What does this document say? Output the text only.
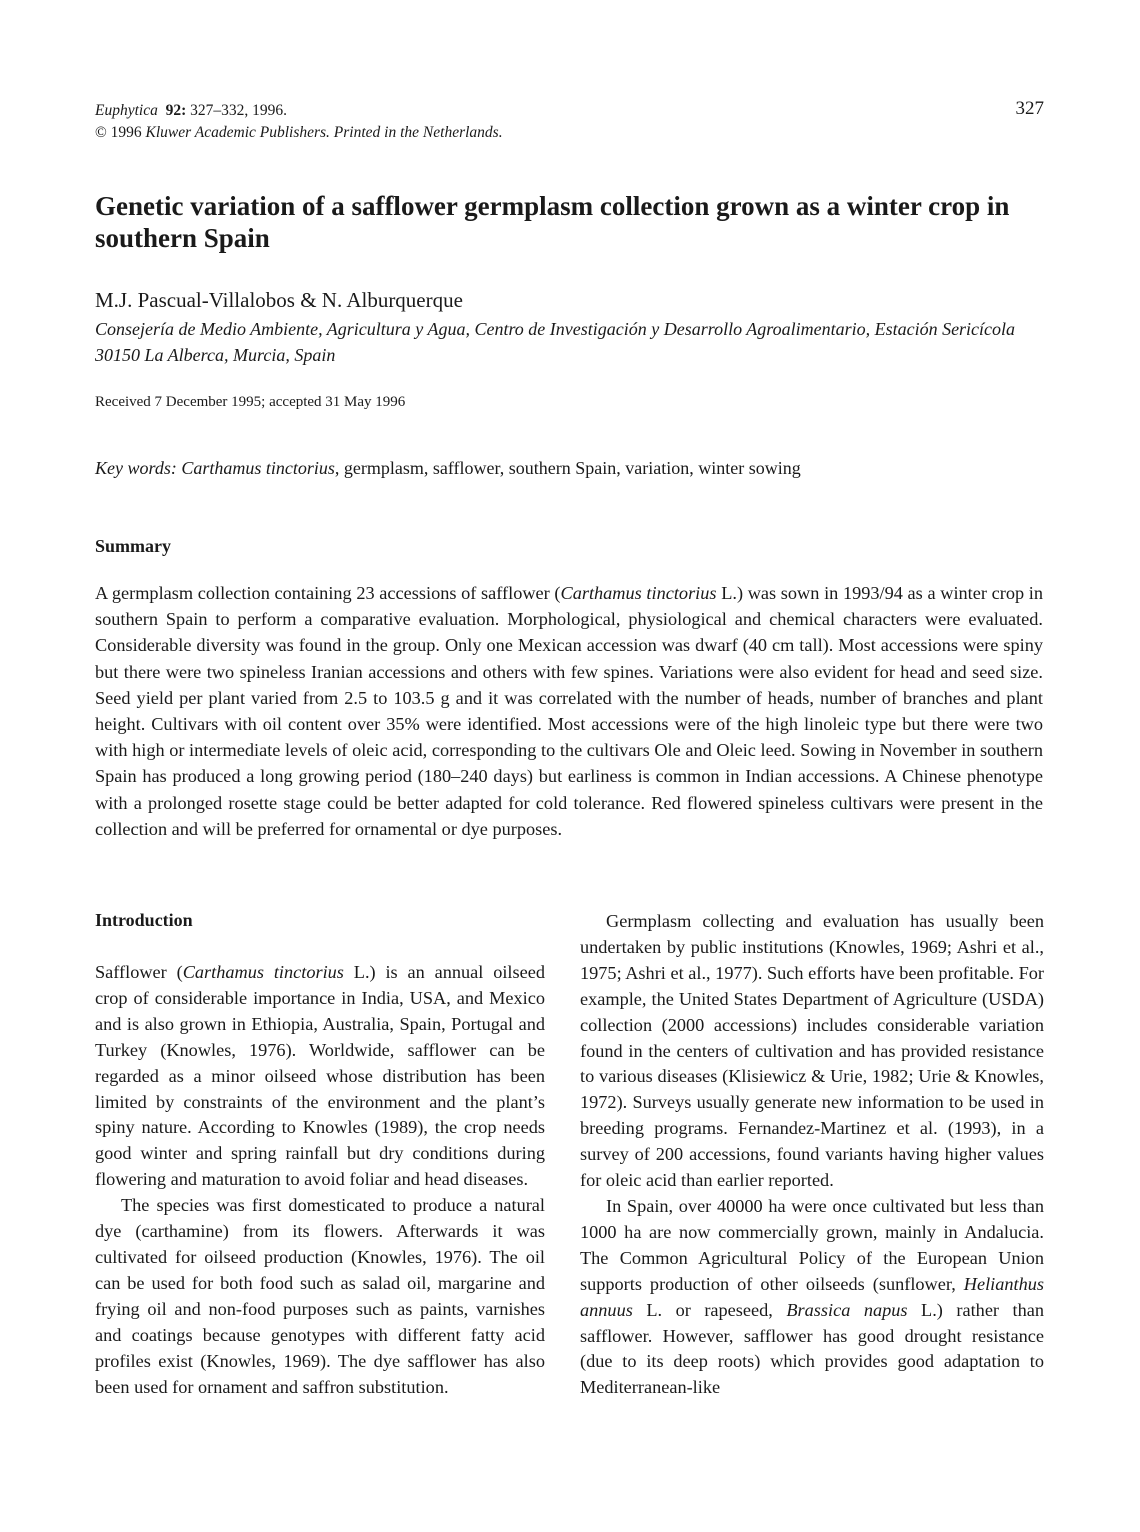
Euphytica 92: 327–332, 1996.
© 1996 Kluwer Academic Publishers. Printed in the Netherlands.
327
Genetic variation of a safflower germplasm collection grown as a winter crop in southern Spain
M.J. Pascual-Villalobos & N. Alburquerque
Consejería de Medio Ambiente, Agricultura y Agua, Centro de Investigación y Desarrollo Agroalimentario, Estación Sericícola 30150 La Alberca, Murcia, Spain
Received 7 December 1995; accepted 31 May 1996
Key words: Carthamus tinctorius, germplasm, safflower, southern Spain, variation, winter sowing
Summary
A germplasm collection containing 23 accessions of safflower (Carthamus tinctorius L.) was sown in 1993/94 as a winter crop in southern Spain to perform a comparative evaluation. Morphological, physiological and chemical characters were evaluated. Considerable diversity was found in the group. Only one Mexican accession was dwarf (40 cm tall). Most accessions were spiny but there were two spineless Iranian accessions and others with few spines. Variations were also evident for head and seed size. Seed yield per plant varied from 2.5 to 103.5 g and it was correlated with the number of heads, number of branches and plant height. Cultivars with oil content over 35% were identified. Most accessions were of the high linoleic type but there were two with high or intermediate levels of oleic acid, corresponding to the cultivars Ole and Oleic leed. Sowing in November in southern Spain has produced a long growing period (180–240 days) but earliness is common in Indian accessions. A Chinese phenotype with a prolonged rosette stage could be better adapted for cold tolerance. Red flowered spineless cultivars were present in the collection and will be preferred for ornamental or dye purposes.
Introduction

Safflower (Carthamus tinctorius L.) is an annual oilseed crop of considerable importance in India, USA, and Mexico and is also grown in Ethiopia, Australia, Spain, Portugal and Turkey (Knowles, 1976). Worldwide, safflower can be regarded as a minor oilseed whose distribution has been limited by constraints of the environment and the plant’s spiny nature. According to Knowles (1989), the crop needs good winter and spring rainfall but dry conditions during flowering and maturation to avoid foliar and head diseases.

The species was first domesticated to produce a natural dye (carthamine) from its flowers. Afterwards it was cultivated for oilseed production (Knowles, 1976). The oil can be used for both food such as salad oil, margarine and frying oil and non-food purposes such as paints, varnishes and coatings because genotypes with different fatty acid profiles exist (Knowles, 1969). The dye safflower has also been used for ornament and saffron substitution.

Germplasm collecting and evaluation has usually been undertaken by public institutions (Knowles, 1969; Ashri et al., 1975; Ashri et al., 1977). Such efforts have been profitable. For example, the United States Department of Agriculture (USDA) collection (2000 accessions) includes considerable variation found in the centers of cultivation and has provided resistance to various diseases (Klisiewicz & Urie, 1982; Urie & Knowles, 1972). Surveys usually generate new information to be used in breeding programs. Fernandez-Martinez et al. (1993), in a survey of 200 accessions, found variants having higher values for oleic acid than earlier reported.

In Spain, over 40000 ha were once cultivated but less than 1000 ha are now commercially grown, mainly in Andalucia. The Common Agricultural Policy of the European Union supports production of other oilseeds (sunflower, Helianthus annuus L. or rapeseed, Brassica napus L.) rather than safflower. However, safflower has good drought resistance (due to its deep roots) which provides good adaptation to Mediterranean-like
